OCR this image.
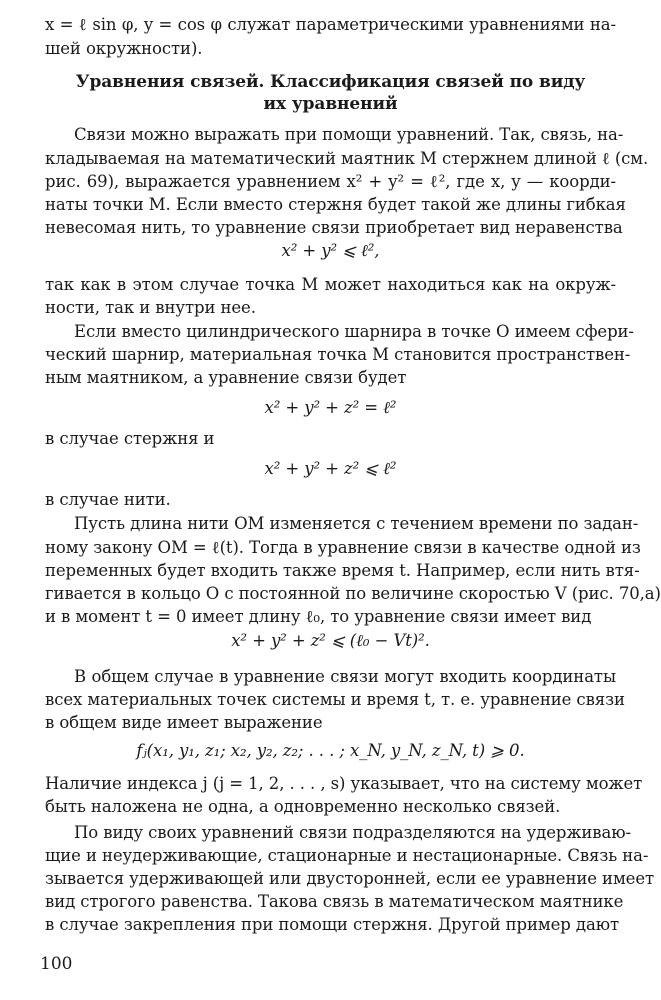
x = ℓ sin φ, y = cos φ служат параметрическими уравнениями на-
шей окружности).
Уравнения связей. Классификация связей по виду
их уравнений
Связи можно выражать при помощи уравнений. Так, связь, на-
кладываемая на математический маятник M стержнем длиной ℓ (см.
рис. 69), выражается уравнением x² + y² = ℓ², где x, y — коорди-
наты точки M. Если вместо стержня будет такой же длины гибкая
невесомая нить, то уравнение связи приобретает вид неравенства
x² + y² ⩽ ℓ²,
так как в этом случае точка M может находиться как на окруж-
ности, так и внутри нее.
Если вместо цилиндрического шарнира в точке O имеем сфери-
ческий шарнир, материальная точка M становится пространствен-
ным маятником, а уравнение связи будет
x² + y² + z² = ℓ²
в случае стержня и
x² + y² + z² ⩽ ℓ²
в случае нити.
Пусть длина нити OM изменяется с течением времени по задан-
ному закону OM = ℓ(t). Тогда в уравнение связи в качестве одной из
переменных будет входить также время t. Например, если нить втя-
гивается в кольцо O с постоянной по величине скоростью V (рис. 70,а)
и в момент t = 0 имеет длину ℓ₀, то уравнение связи имеет вид
x² + y² + z² ⩽ (ℓ₀ − Vt)².
В общем случае в уравнение связи могут входить координаты
всех материальных точек системы и время t, т. е. уравнение связи
в общем виде имеет выражение
fⱼ(x₁, y₁, z₁; x₂, y₂, z₂; . . . ; x_N, y_N, z_N, t) ⩾ 0.
Наличие индекса j (j = 1, 2, . . . , s) указывает, что на систему может
быть наложена не одна, а одновременно несколько связей.
По виду своих уравнений связи подразделяются на удерживаю-
щие и неудерживающие, стационарные и нестационарные. Связь на-
зывается удерживающей или двусторонней, если ее уравнение имеет
вид строгого равенства. Такова связь в математическом маятнике
в случае закрепления при помощи стержня. Другой пример дают
100
